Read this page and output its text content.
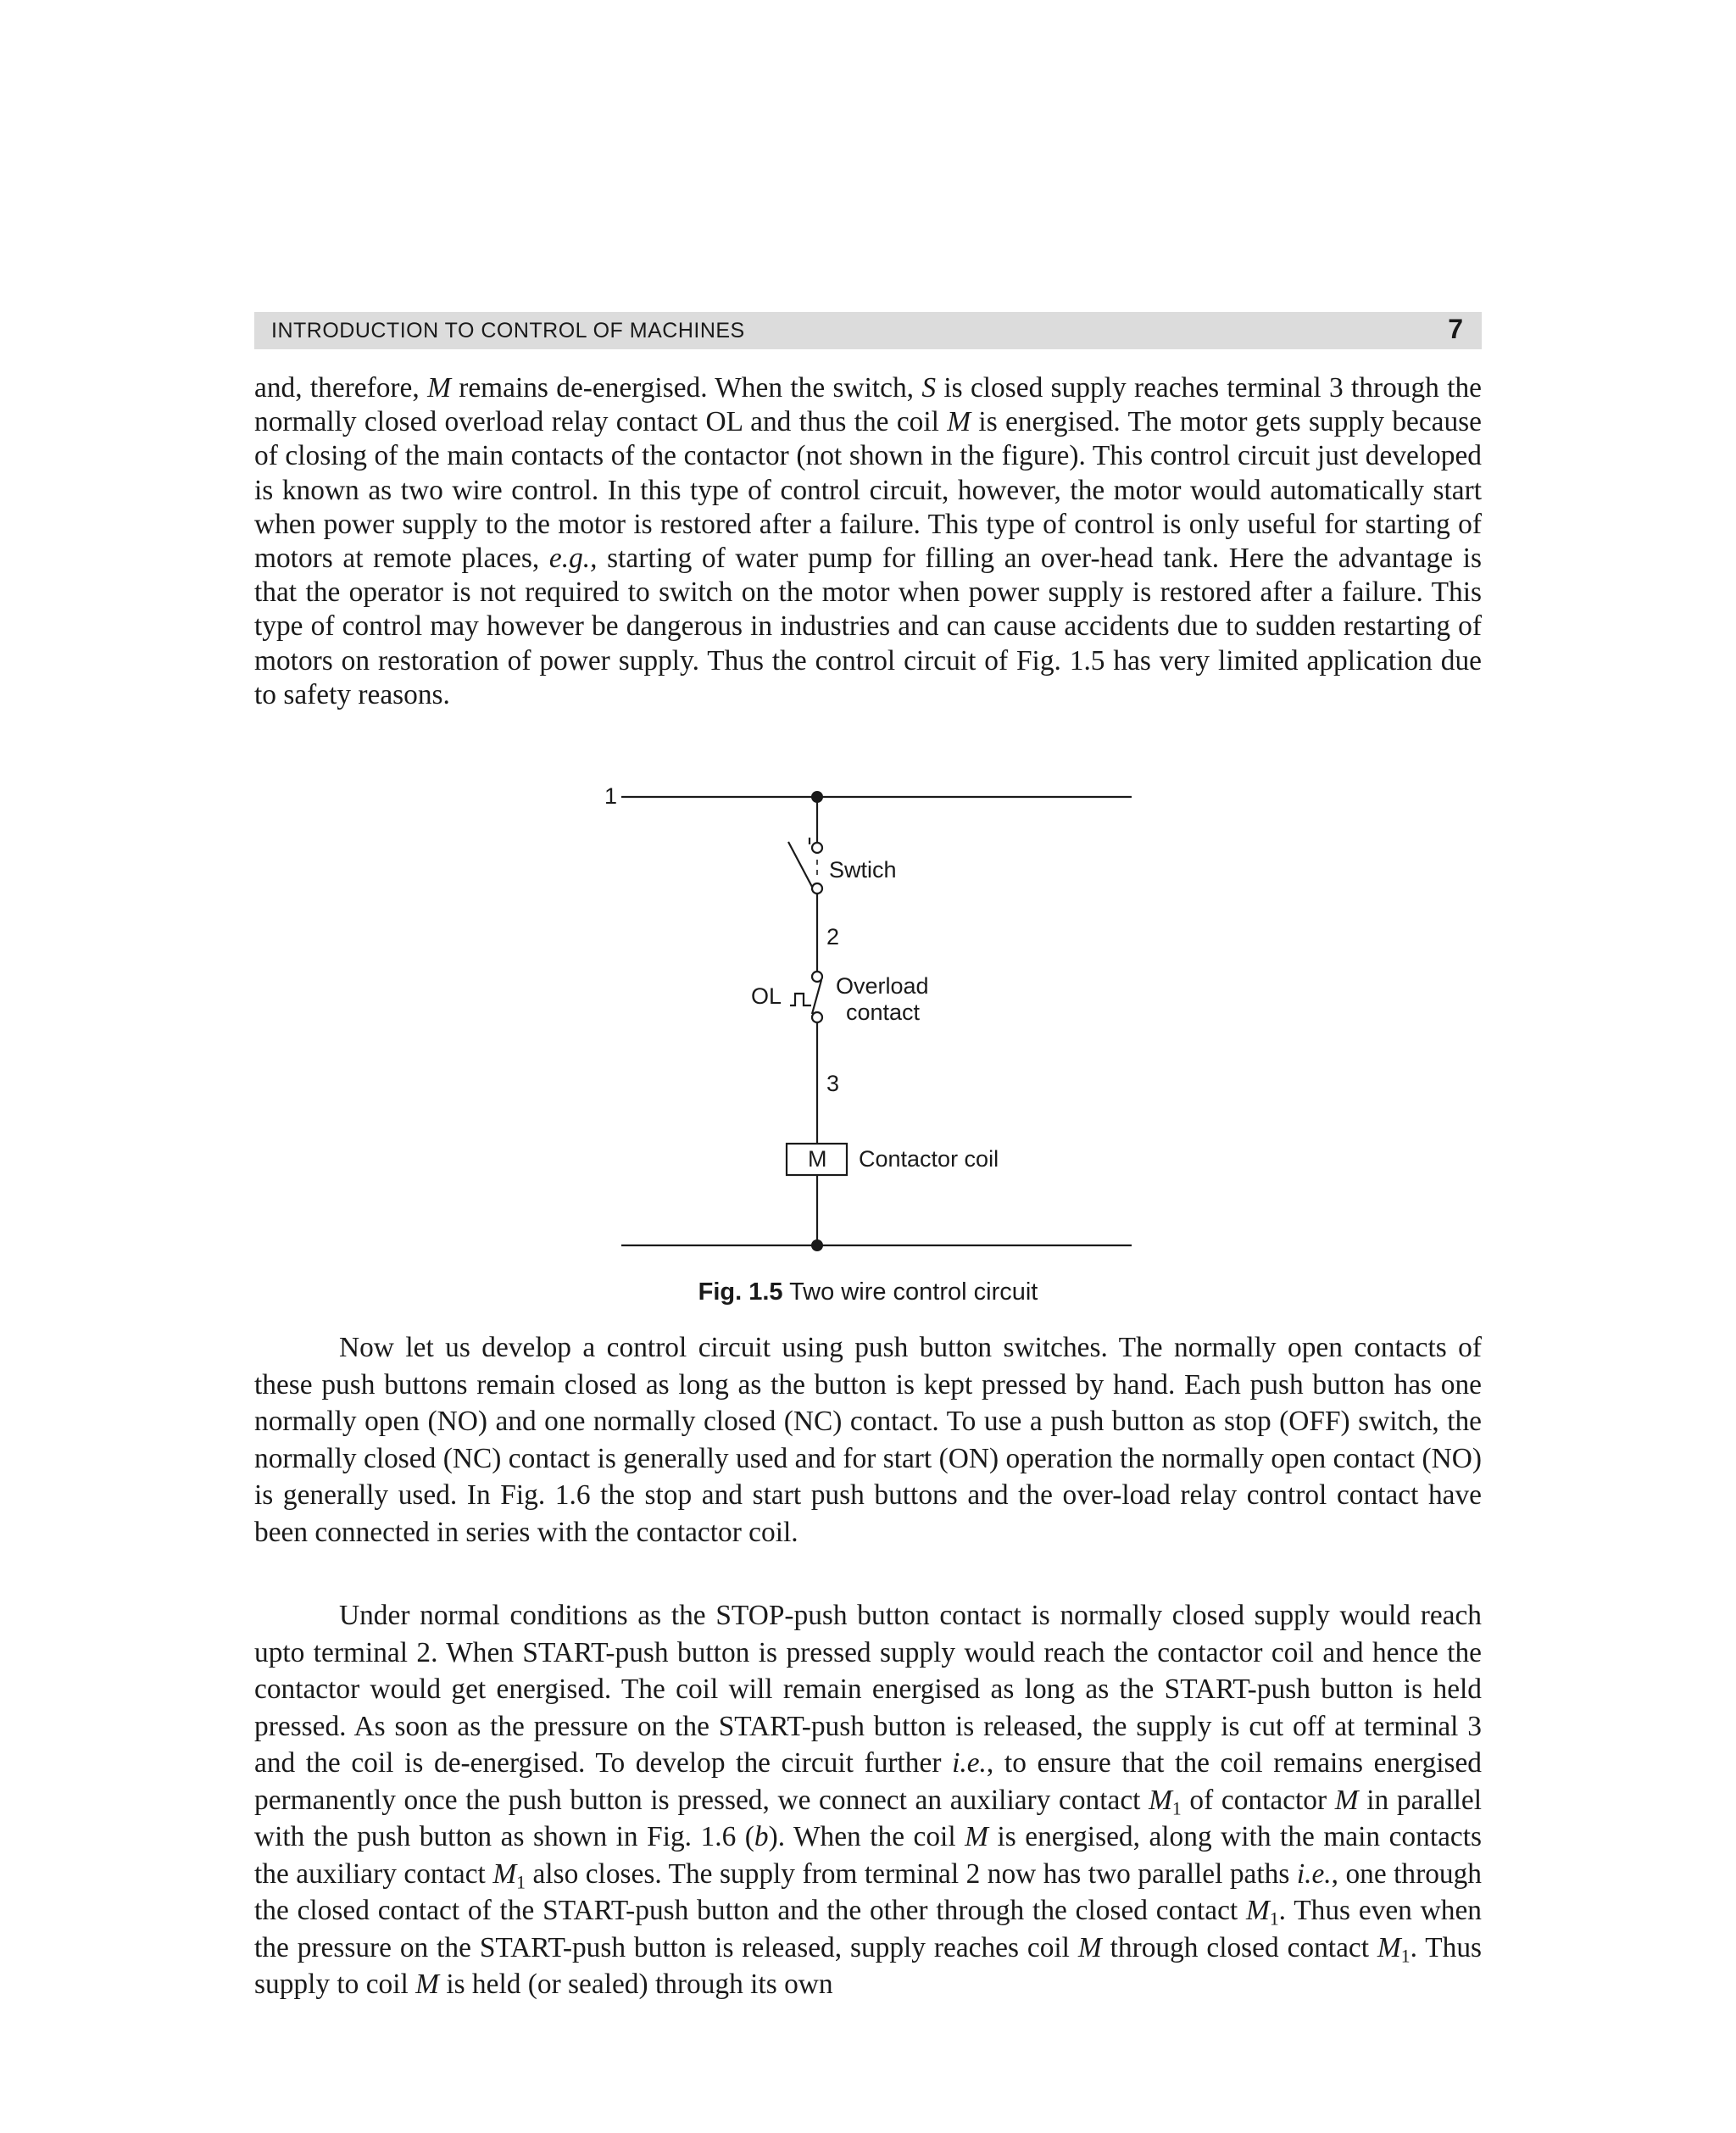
INTRODUCTION TO CONTROL OF MACHINES	7

and, therefore, M remains de-energised. When the switch, S is closed supply reaches terminal 3 through the normally closed overload relay contact OL and thus the coil M is energised. The motor gets supply because of closing of the main contacts of the contactor (not shown in the figure). This control circuit just developed is known as two wire control. In this type of control circuit, however, the motor would automatically start when power supply to the motor is restored after a failure. This type of control is only useful for starting of motors at remote places, e.g., starting of water pump for filling an over-head tank. Here the advantage is that the operator is not required to switch on the motor when power supply is restored after a failure. This type of control may however be dangerous in industries and can cause accidents due to sudden restarting of motors on restoration of power supply. Thus the control circuit of Fig. 1.5 has very limited application due to safety reasons.

1
Swtich
2
OL Overload
contact
3
M Contactor coil
Fig. 1.5 Two wire control circuit

Now let us develop a control circuit using push button switches. The normally open contacts of these push buttons remain closed as long as the button is kept pressed by hand. Each push button has one normally open (NO) and one normally closed (NC) contact. To use a push button as stop (OFF) switch, the normally closed (NC) contact is generally used and for start (ON) operation the normally open contact (NO) is generally used. In Fig. 1.6 the stop and start push buttons and the over-load relay control contact have been connected in series with the contactor coil.

Under normal conditions as the STOP-push button contact is normally closed supply would reach upto terminal 2. When START-push button is pressed supply would reach the contactor coil and hence the contactor would get energised. The coil will remain energised as long as the START-push button is held pressed. As soon as the pressure on the START-push button is released, the supply is cut off at terminal 3 and the coil is de-energised. To develop the circuit further i.e., to ensure that the coil remains energised permanently once the push button is pressed, we connect an auxiliary contact $M_1$ of contactor M in parallel with the push button as shown in Fig. 1.6 (b). When the coil M is energised, along with the main contacts the auxiliary contact $M_1$ also closes. The supply from terminal 2 now has two parallel paths i.e., one through the closed contact of the START-push button and the other through the closed contact $M_1$. Thus even when the pressure on the START-push button is released, supply reaches coil M through closed contact $M_1$. Thus supply to coil M is held (or sealed) through its own
